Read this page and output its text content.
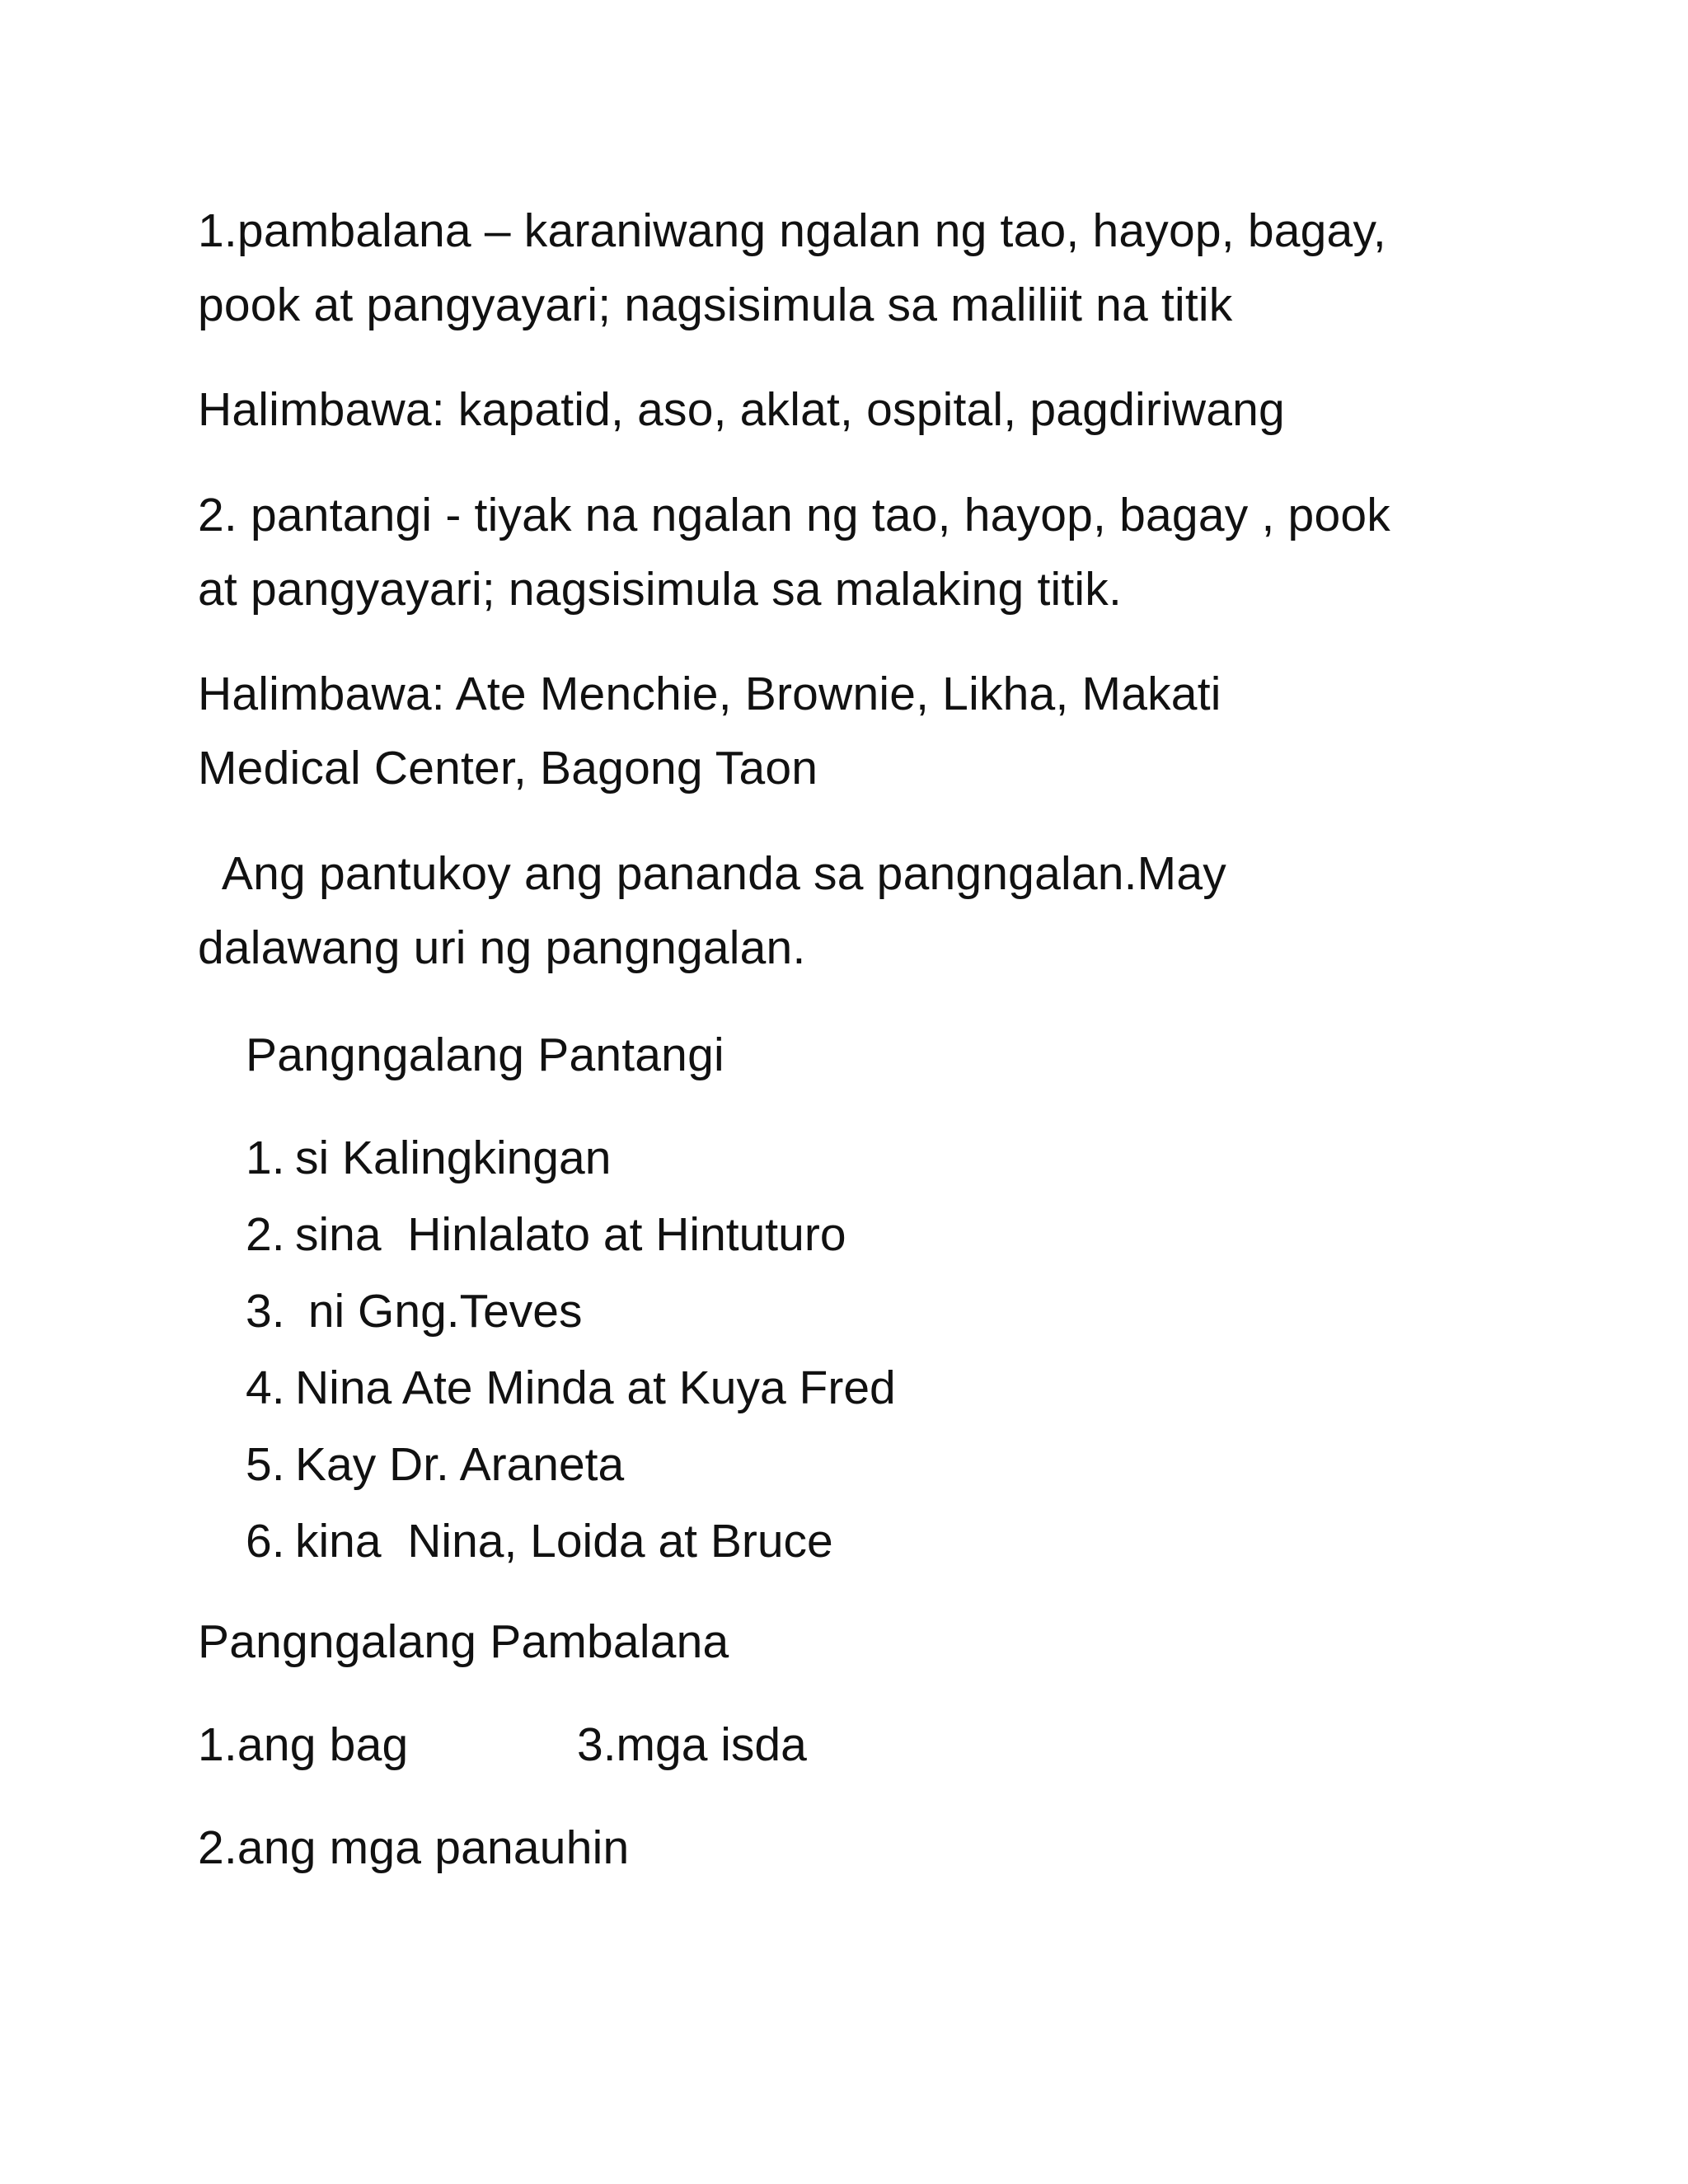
1.pambalana – karaniwang ngalan ng tao, hayop, bagay,
pook at pangyayari; nagsisimula sa maliliit na titik
Halimbawa: kapatid, aso, aklat, ospital, pagdiriwang
2. pantangi - tiyak na ngalan ng tao, hayop, bagay , pook
at pangyayari; nagsisimula sa malaking titik.
Halimbawa: Ate Menchie, Brownie, Likha, Makati
Medical Center, Bagong Taon
Ang pantukoy ang pananda sa pangngalan.May
dalawang uri ng pangngalan.
Pangngalang Pantangi
1. si Kalingkingan
2. sina  Hinlalato at Hintuturo
3. ni Gng.Teves
4. Nina Ate Minda at Kuya Fred
5. Kay Dr. Araneta
6. kina  Nina, Loida at Bruce
Pangngalang Pambalana
1.ang bag	3.mga isda
2.ang mga panauhin
